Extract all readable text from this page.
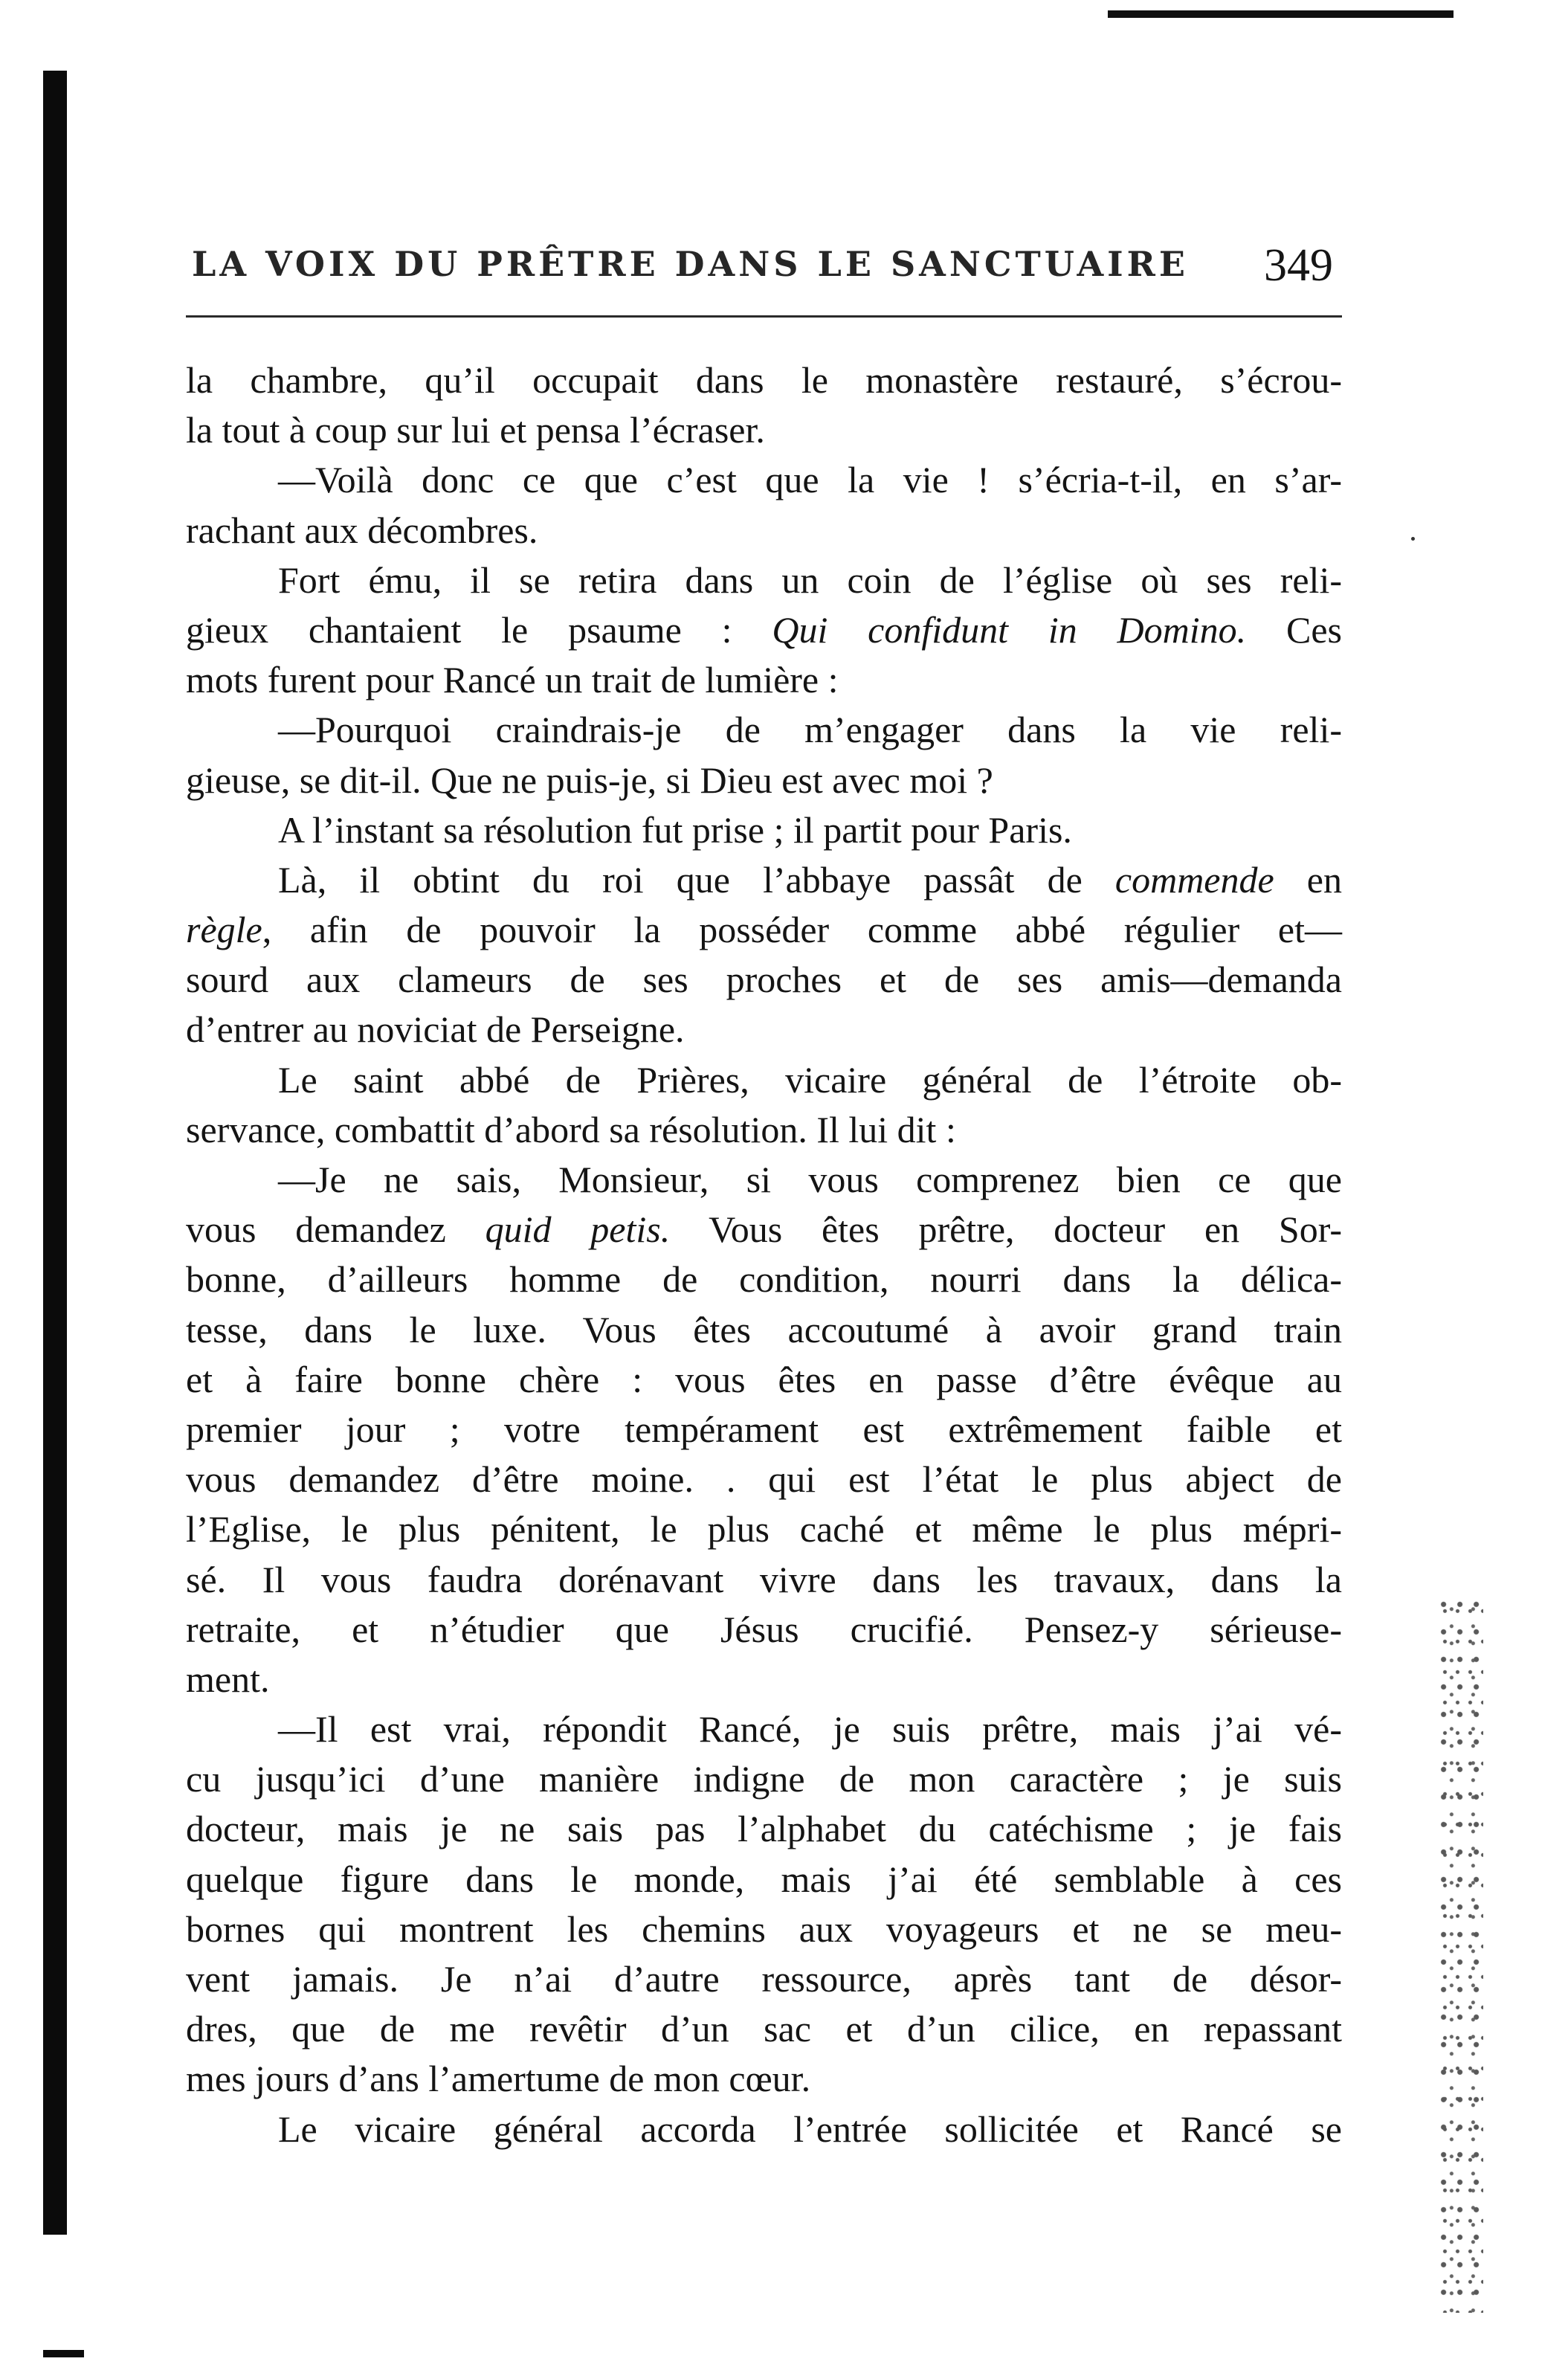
LA VOIX DU PRÊTRE DANS LE SANCTUAIRE 349
la chambre, qu’il occupait dans le monastère restauré, s’écrou-
la tout à coup sur lui et pensa l’écraser.
—Voilà donc ce que c’est que la vie ! s’écria-t-il, en s’ar-
rachant aux décombres.
Fort ému, il se retira dans un coin de l’église où ses reli-
gieux chantaient le psaume : Qui confidunt in Domino. Ces
mots furent pour Rancé un trait de lumière :
—Pourquoi craindrais-je de m’engager dans la vie reli-
gieuse, se dit-il. Que ne puis-je, si Dieu est avec moi ?
A l’instant sa résolution fut prise ; il partit pour Paris.
Là, il obtint du roi que l’abbaye passât de commende en
règle, afin de pouvoir la posséder comme abbé régulier et—
sourd aux clameurs de ses proches et de ses amis—demanda
d’entrer au noviciat de Perseigne.
Le saint abbé de Prières, vicaire général de l’étroite ob-
servance, combattit d’abord sa résolution. Il lui dit :
—Je ne sais, Monsieur, si vous comprenez bien ce que
vous demandez quid petis. Vous êtes prêtre, docteur en Sor-
bonne, d’ailleurs homme de condition, nourri dans la délica-
tesse, dans le luxe. Vous êtes accoutumé à avoir grand train
et à faire bonne chère : vous êtes en passe d’être évêque au
premier jour ; votre tempérament est extrêmement faible et
vous demandez d’être moine. . qui est l’état le plus abject de
l’Eglise, le plus pénitent, le plus caché et même le plus mépri-
sé. Il vous faudra dorénavant vivre dans les travaux, dans la
retraite, et n’étudier que Jésus crucifié. Pensez-y sérieuse-
ment.
—Il est vrai, répondit Rancé, je suis prêtre, mais j’ai vé-
cu jusqu’ici d’une manière indigne de mon caractère ; je suis
docteur, mais je ne sais pas l’alphabet du catéchisme ; je fais
quelque figure dans le monde, mais j’ai été semblable à ces
bornes qui montrent les chemins aux voyageurs et ne se meu-
vent jamais. Je n’ai d’autre ressource, après tant de désor-
dres, que de me revêtir d’un sac et d’un cilice, en repassant
mes jours d’ans l’amertume de mon cœur.
Le vicaire général accorda l’entrée sollicitée et Rancé se
